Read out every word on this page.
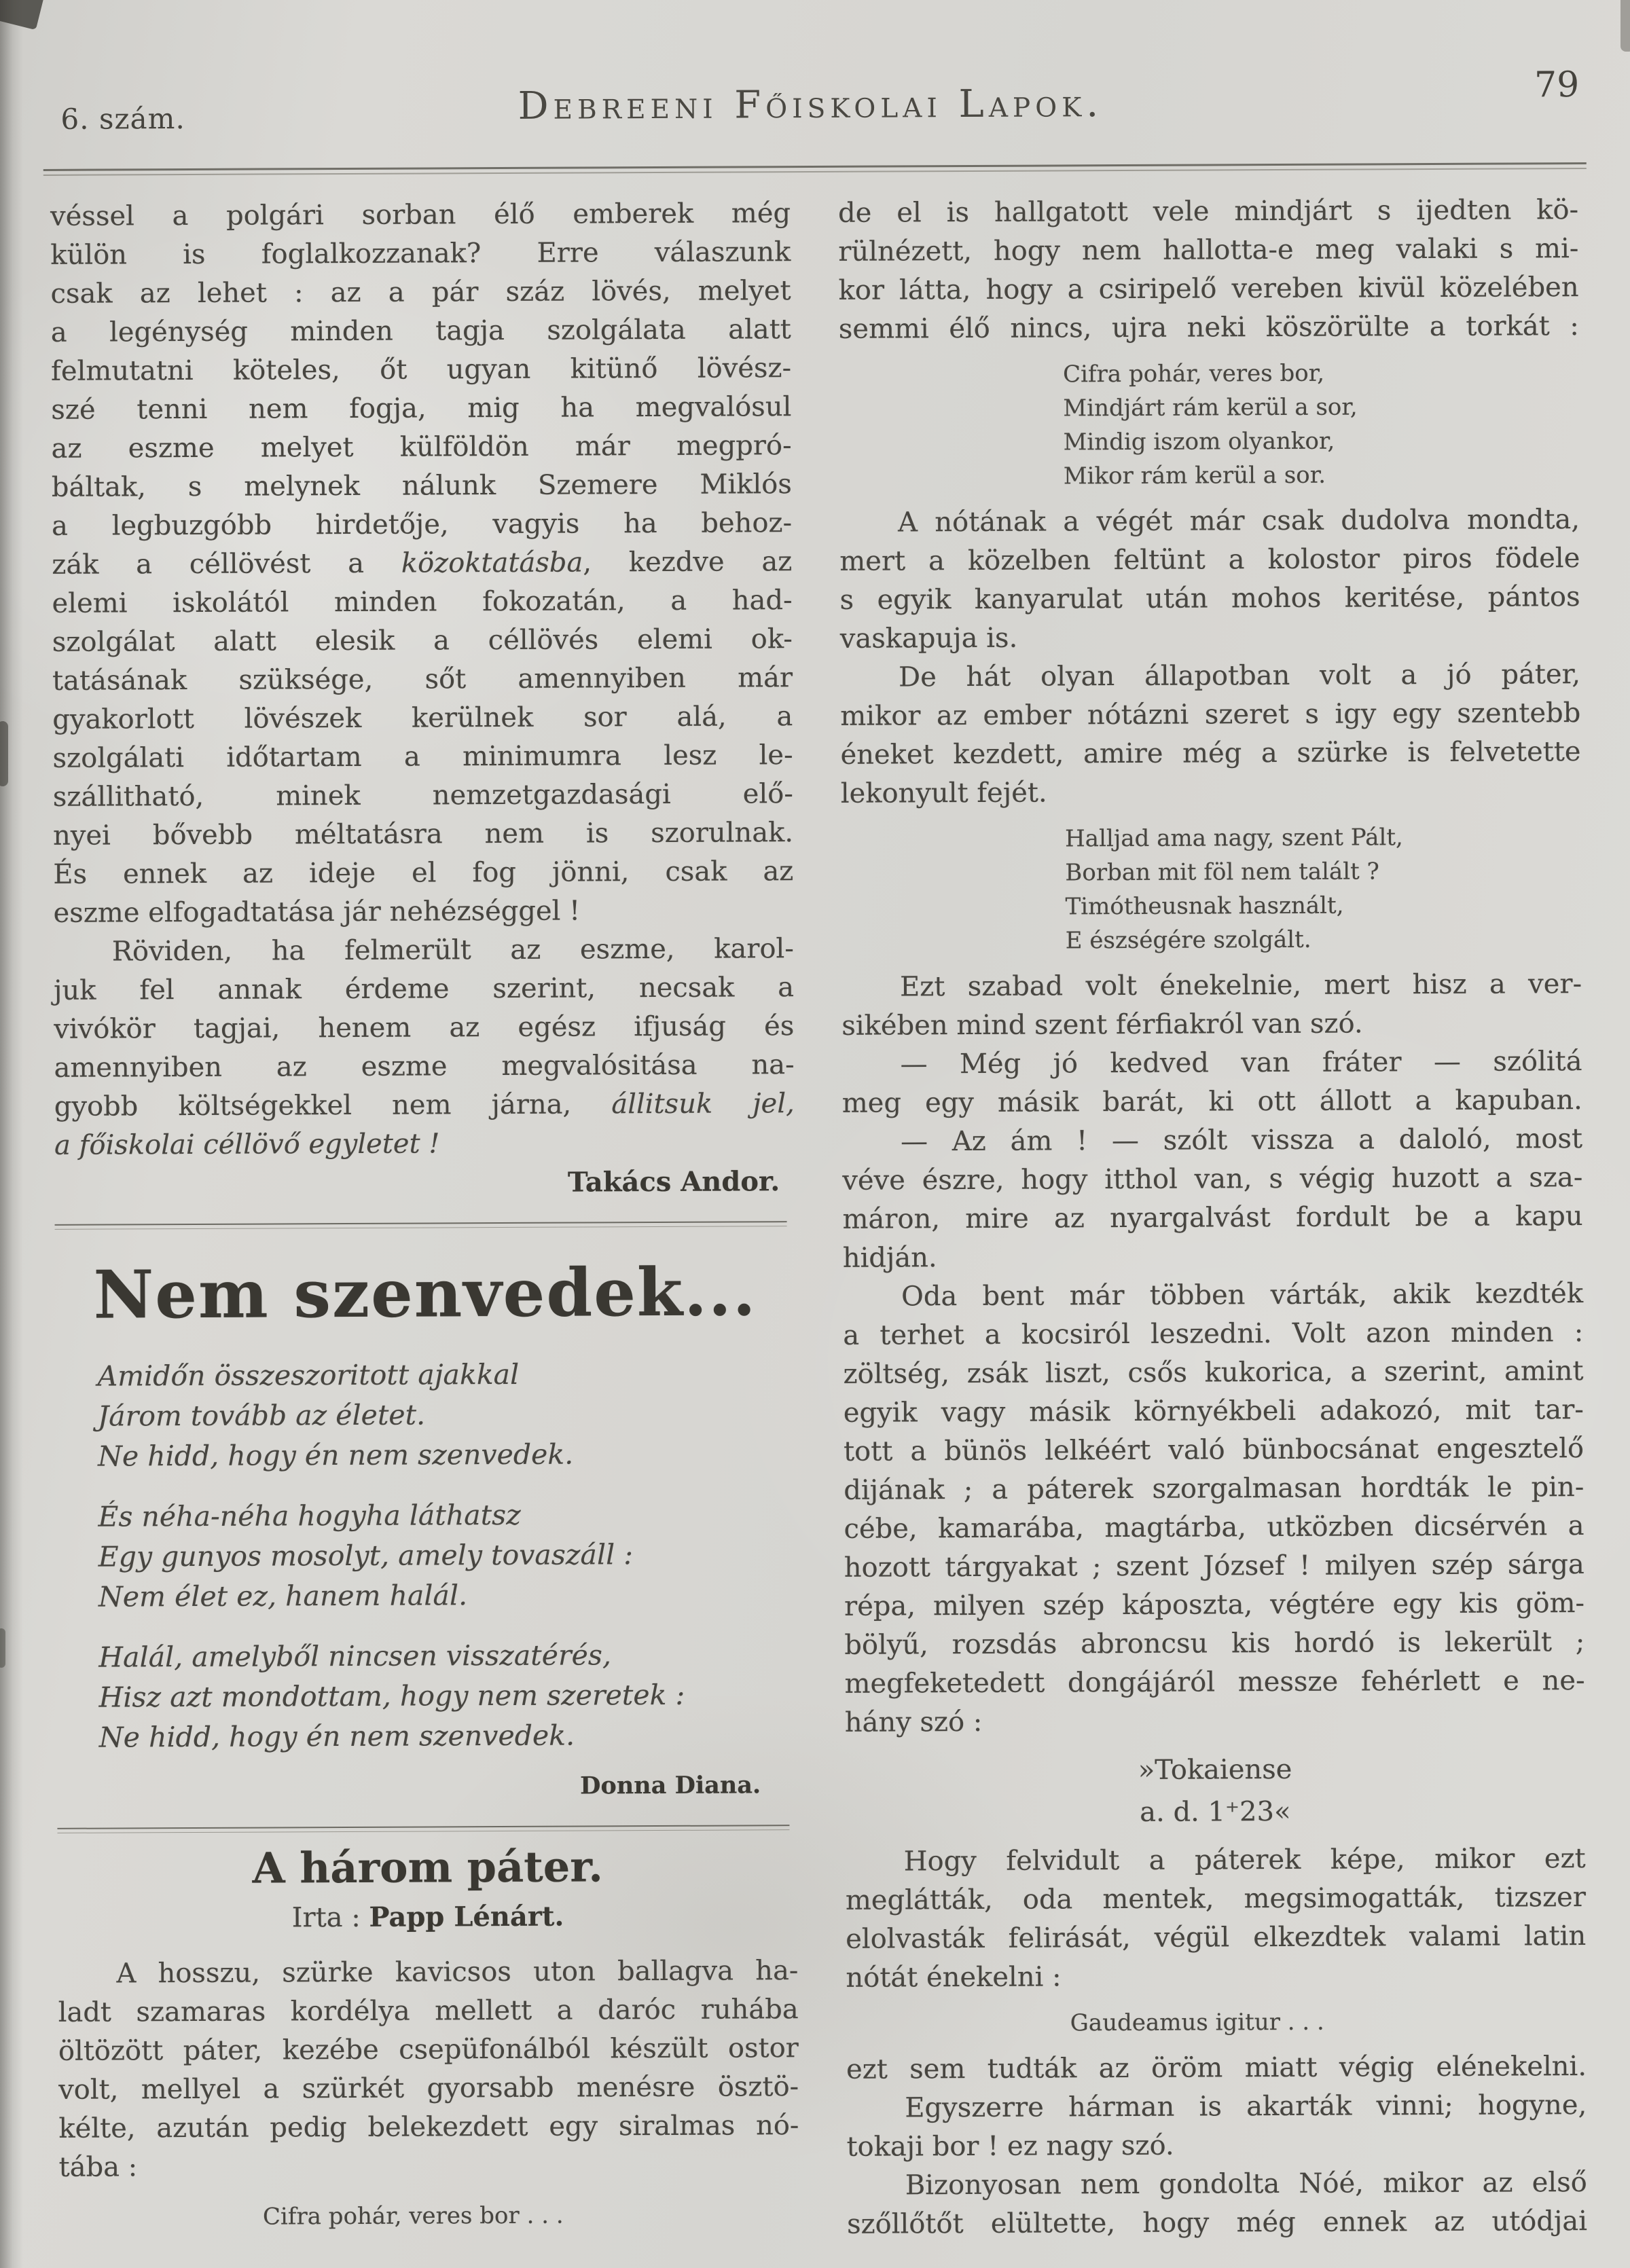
6. szám.	Debreeni Főiskolai Lapok.	79
véssel a polgári sorban élő emberek még
külön is foglalkozzanak? Erre válaszunk
csak az lehet : az a pár száz lövés, melyet
a legénység minden tagja szolgálata alatt
felmutatni köteles, őt ugyan kitünő lövész-
szé tenni nem fogja, mig ha megvalósul
az eszme melyet külföldön már megpró-
báltak, s melynek nálunk Szemere Miklós
a legbuzgóbb hirdetője, vagyis ha behoz-
zák a céllövést a közoktatásba, kezdve az
elemi iskolától minden fokozatán, a had-
szolgálat alatt elesik a céllövés elemi ok-
tatásának szüksége, sőt amennyiben már
gyakorlott lövészek kerülnek sor alá, a
szolgálati időtartam a minimumra lesz le-
szállitható, minek nemzetgazdasági elő-
nyei bővebb méltatásra nem is szorulnak.
És ennek az ideje el fog jönni, csak az
eszme elfogadtatása jár nehézséggel !
Röviden, ha felmerült az eszme, karol-
juk fel annak érdeme szerint, necsak a
vivókör tagjai, henem az egész ifjuság és
amennyiben az eszme megvalósitása na-
gyobb költségekkel nem járna, állitsuk jel,
a főiskolai céllövő egyletet !
Takács Andor.
Nem szenvedek...
Amidőn összeszoritott ajakkal
Járom tovább az életet.
Ne hidd, hogy én nem szenvedek.
És néha-néha hogyha láthatsz
Egy gunyos mosolyt, amely tovaszáll :
Nem élet ez, hanem halál.
Halál, amelyből nincsen visszatérés,
Hisz azt mondottam, hogy nem szeretek :
Ne hidd, hogy én nem szenvedek.
Donna Diana.
A három páter.
Irta : Papp Lénárt.
A hosszu, szürke kavicsos uton ballagva ha-
ladt szamaras kordélya mellett a daróc ruhába
öltözött páter, kezébe csepüfonálból készült ostor
volt, mellyel a szürkét gyorsabb menésre ösztö-
kélte, azután pedig belekezdett egy siralmas nó-
tába :
Cifra pohár, veres bor . . .
de el is hallgatott vele mindjárt s ijedten kö-
rülnézett, hogy nem hallotta-e meg valaki s mi-
kor látta, hogy a csiripelő vereben kivül közelében
semmi élő nincs, ujra neki köszörülte a torkát :
Cifra pohár, veres bor,
Mindjárt rám kerül a sor,
Mindig iszom olyankor,
Mikor rám kerül a sor.
A nótának a végét már csak dudolva mondta,
mert a közelben feltünt a kolostor piros födele
s egyik kanyarulat után mohos keritése, pántos
vaskapuja is.
De hát olyan állapotban volt a jó páter,
mikor az ember nótázni szeret s igy egy szentebb
éneket kezdett, amire még a szürke is felvetette
lekonyult fejét.
Halljad ama nagy, szent Pált,
Borban mit föl nem talált ?
Timótheusnak használt,
E észségére szolgált.
Ezt szabad volt énekelnie, mert hisz a ver-
sikében mind szent férfiakról van szó.
— Még jó kedved van fráter — szólitá
meg egy másik barát, ki ott állott a kapuban.
— Az ám ! — szólt vissza a daloló, most
véve észre, hogy itthol van, s végig huzott a sza-
máron, mire az nyargalvást fordult be a kapu
hidján.
Oda bent már többen várták, akik kezdték
a terhet a kocsiról leszedni. Volt azon minden :
zöltség, zsák liszt, csős kukorica, a szerint, amint
egyik vagy másik környékbeli adakozó, mit tar-
tott a bünös lelkéért való bünbocsánat engesztelő
dijának ; a páterek szorgalmasan hordták le pin-
cébe, kamarába, magtárba, utközben dicsérvén a
hozott tárgyakat ; szent József ! milyen szép sárga
répa, milyen szép káposzta, végtére egy kis göm-
bölyű, rozsdás abroncsu kis hordó is lekerült ;
megfeketedett dongájáról messze fehérlett e ne-
hány szó :
»Tokaiense
a. d. 1⁺23«
Hogy felvidult a páterek képe, mikor ezt
meglátták, oda mentek, megsimogatták, tizszer
elolvasták felirását, végül elkezdtek valami latin
nótát énekelni :
Gaudeamus igitur . . .
ezt sem tudták az öröm miatt végig elénekelni.
Egyszerre hárman is akarták vinni; hogyne,
tokaji bor ! ez nagy szó.
Bizonyosan nem gondolta Nóé, mikor az első
szőllőtőt elültette, hogy még ennek az utódjai
